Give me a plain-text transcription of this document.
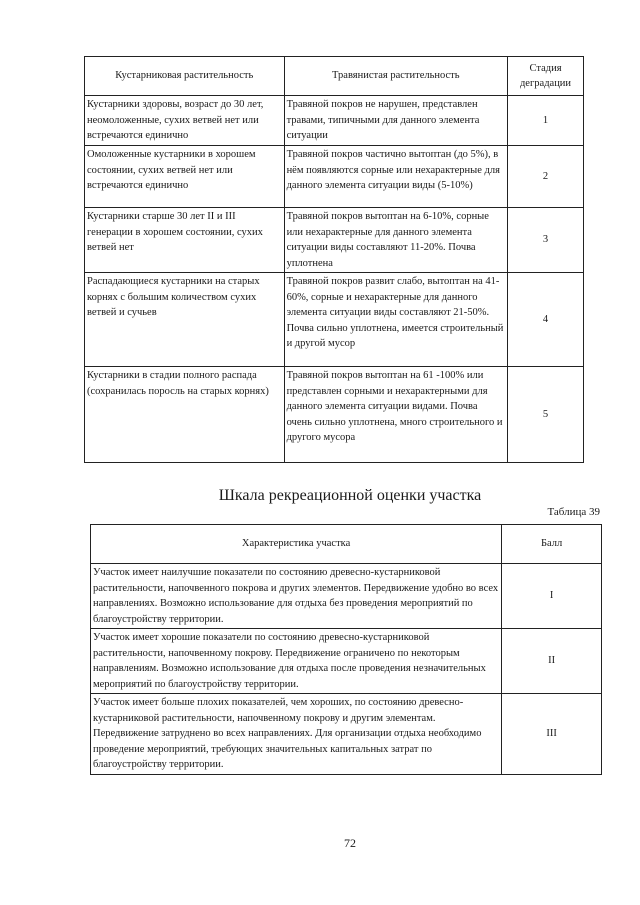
Кустарниковая растительность	Травянистая растительность	Стадия деградации
Кустарники здоровы, возраст до 30 лет, неомоложенные, сухих ветвей нет или встречаются единично	Травяной покров не нарушен, представлен травами, типичными для данного элемента ситуации	1
Омоложенные кустарники в хорошем состоянии, сухих ветвей нет или встречаются единично	Травяной покров частично вытоптан (до 5%), в нём появляются сорные или нехарактерные для данного элемента ситуации виды (5-10%)	2
Кустарники старше 30 лет II и III генерации в хорошем состоянии, сухих ветвей нет	Травяной покров вытоптан на 6-10%, сорные или нехарактерные для данного элемента ситуации виды составляют 11-20%. Почва уплотнена	3
Распадающиеся кустарники на старых корнях с большим количеством сухих ветвей и сучьев	Травяной покров развит слабо, вытоптан на 41-60%, сорные и нехарактерные для данного элемента ситуации виды составляют 21-50%. Почва сильно уплотнена, имеется строительный и другой мусор	4
Кустарники в стадии полного распада (сохранилась поросль на старых корнях)	Травяной покров вытоптан на 61 -100% или представлен сорными и нехарактерными для данного элемента ситуации видами. Почва очень сильно уплотнена, много строительного и другого мусора	5
Шкала рекреационной оценки участка
Таблица 39
Характеристика участка	Балл
Участок имеет наилучшие показатели по состоянию древесно-кустарниковой растительности, напочвенного покрова и других элементов. Передвижение удобно во всех направлениях. Возможно использование для отдыха без проведения мероприятий по благоустройству территории.	I
Участок имеет хорошие показатели по состоянию древесно-кустарниковой растительности, напочвенному покрову. Передвижение ограничено по некоторым направлениям. Возможно использование для отдыха после проведения незначительных мероприятий по благоустройству территории.	II
Участок имеет больше плохих показателей, чем хороших, по состоянию древесно-кустарниковой растительности, напочвенному покрову и другим элементам. Передвижение затруднено во всех направлениях. Для организации отдыха необходимо проведение мероприятий, требующих значительных капитальных затрат по благоустройству территории.	III
72
